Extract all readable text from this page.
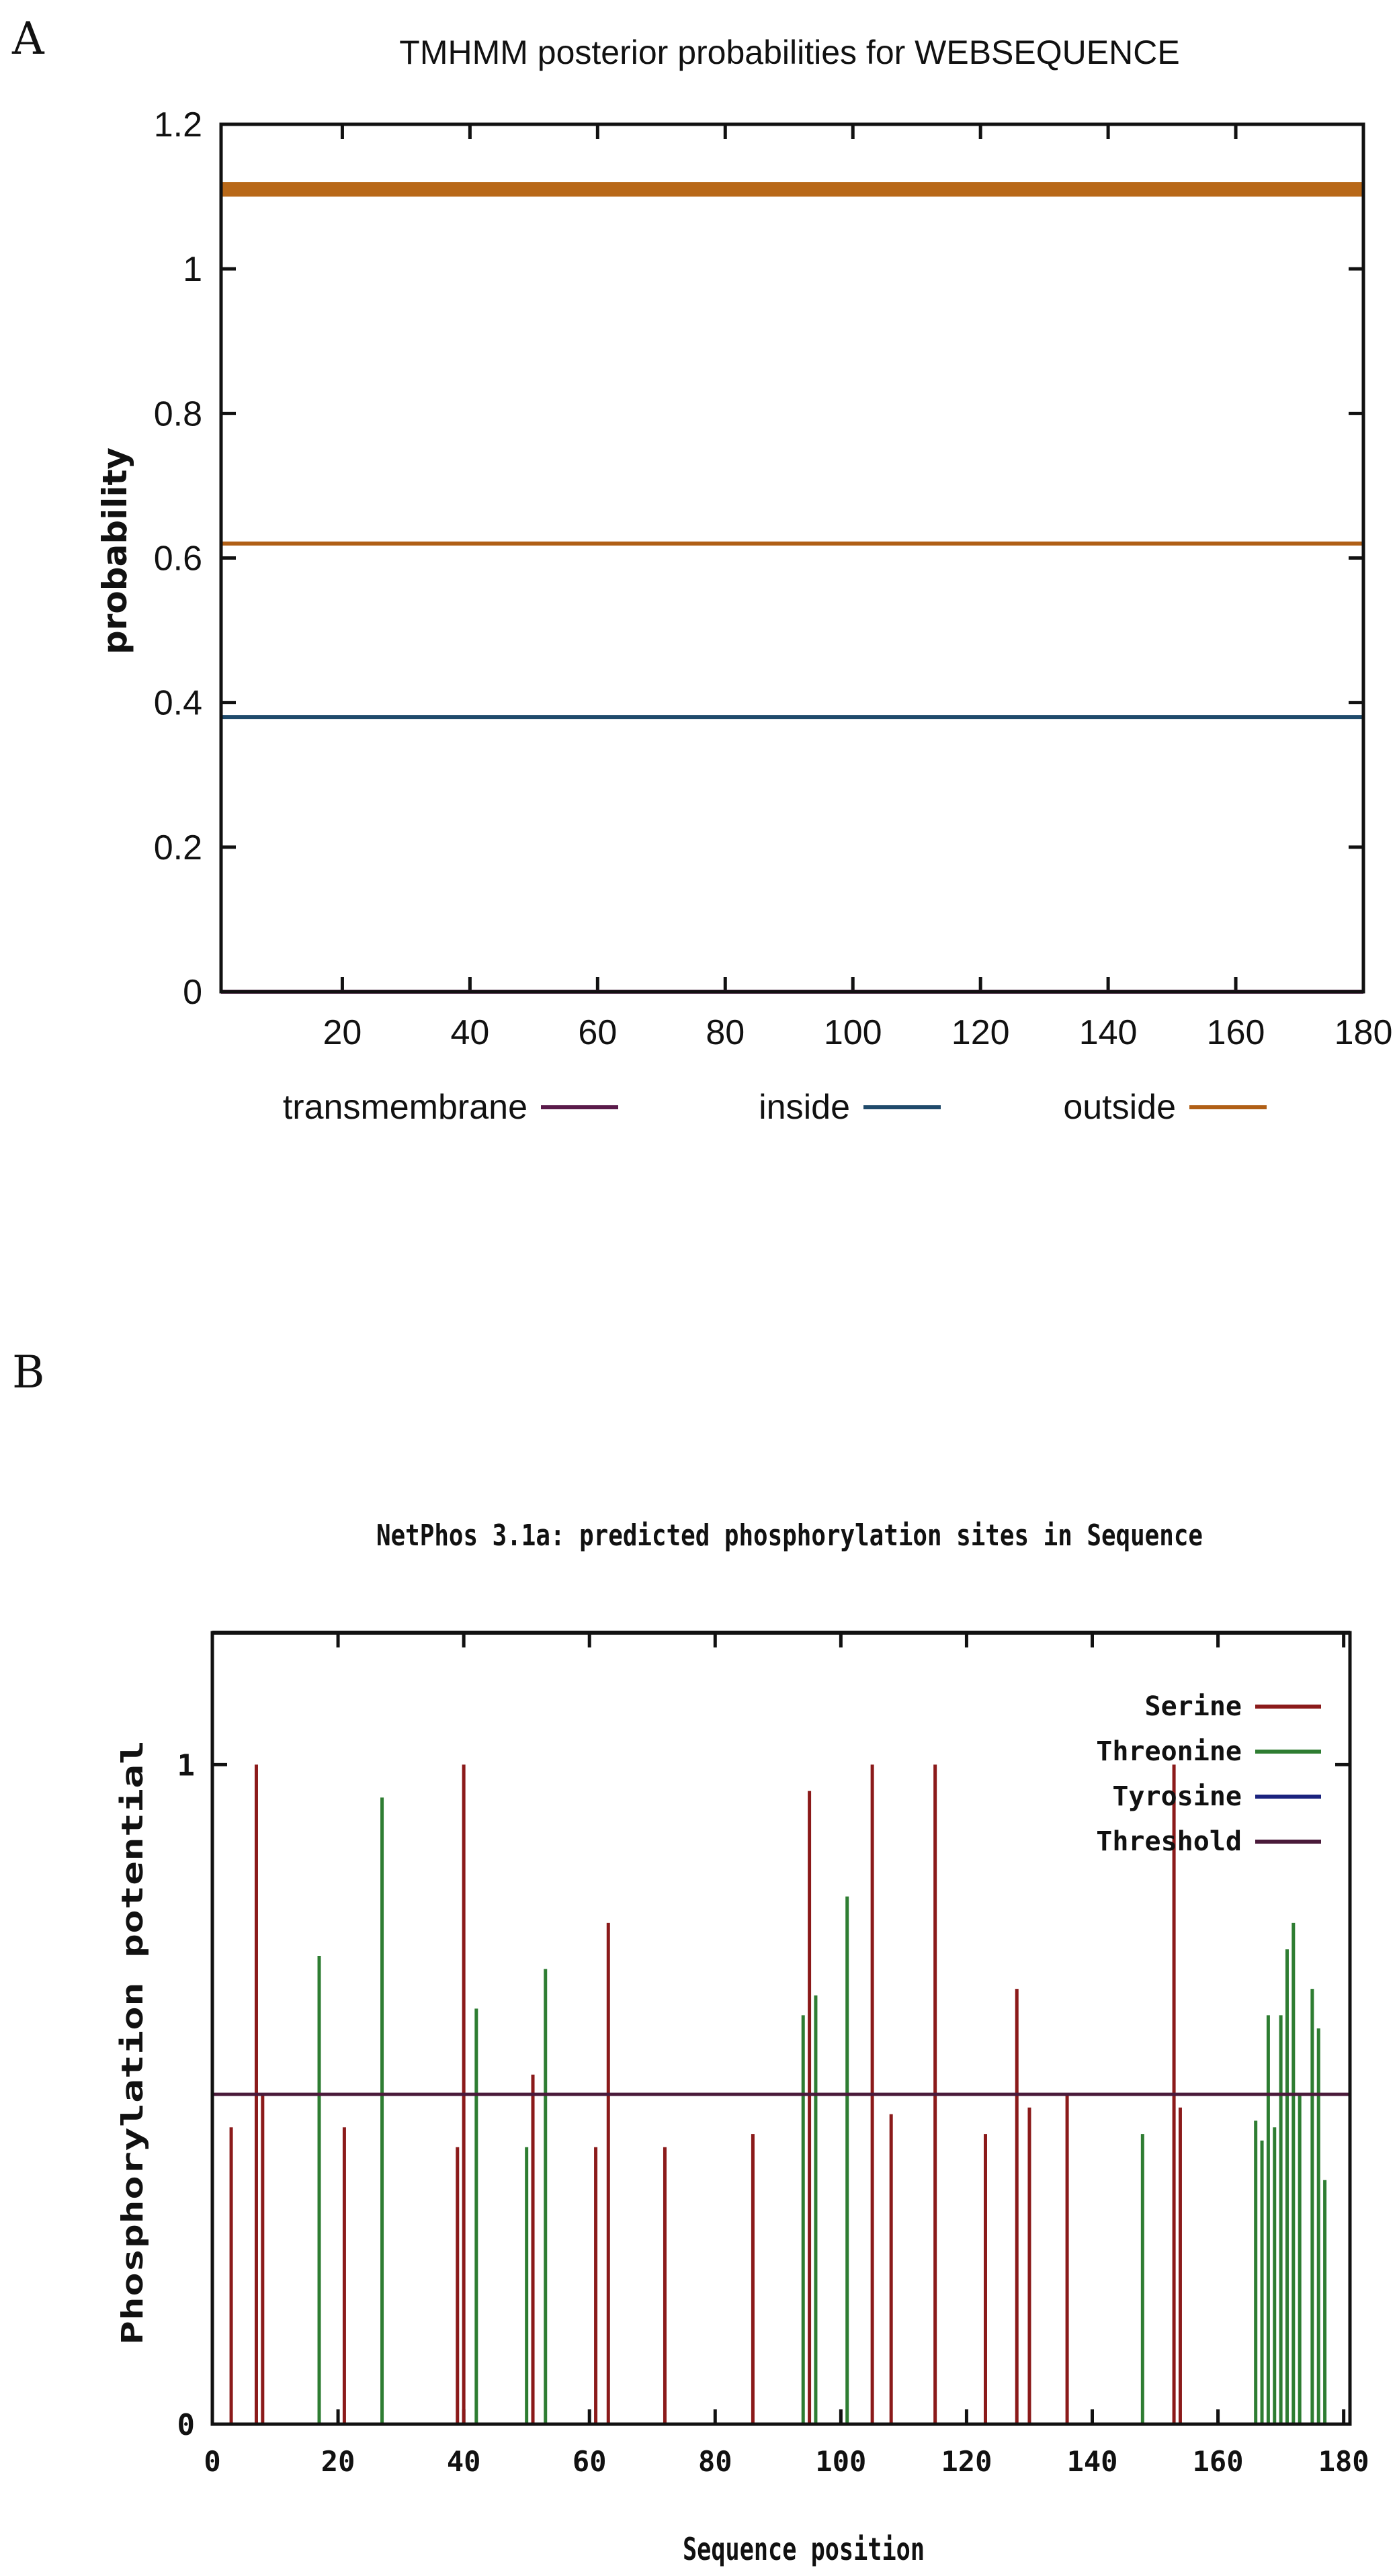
A	TMHMM posterior probabilities for WEBSEQUENCE
probability
0
0.2
0.4
0.6
0.8
1
1.2
20	40	60	80 100 120 140 160 180
transmembrane	inside	outside
B
NetPhos 3.1a: predicted phosphorylation sites in Sequence
Phosphorylation potential
Sequence position
0
1
0	20	40	60	80	100	120	140	160	180
Serine
Threonine
Tyrosine
Threshold
